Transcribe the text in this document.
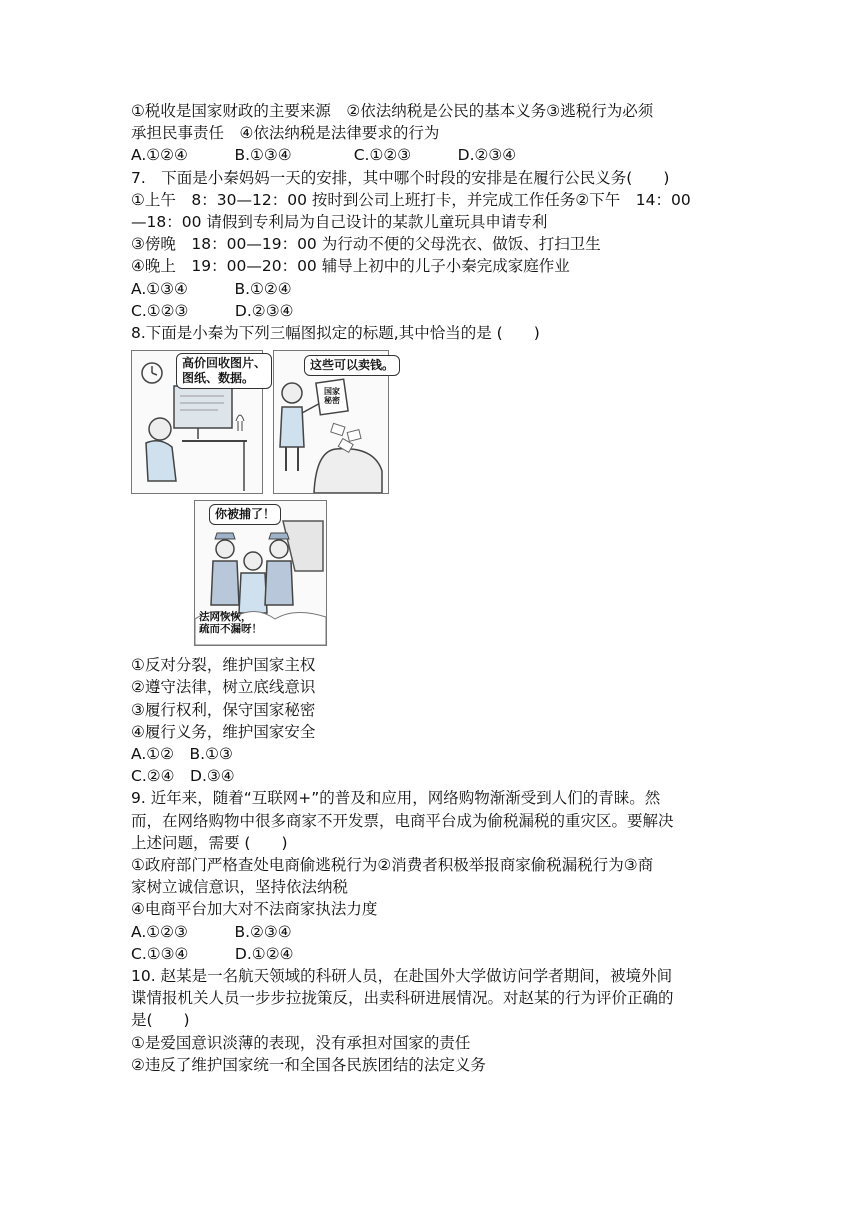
①税收是国家财政的主要来源　②依法纳税是公民的基本义务③逃税行为必须
承担民事责任　④依法纳税是法律要求的行为
A.①②④　　　B.①③④　　　　C.①②③　　　D.②③④
7.　下面是小秦妈妈一天的安排，其中哪个时段的安排是在履行公民义务(　　)
①上午　8：30—12：00 按时到公司上班打卡，并完成工作任务②下午　14：00
—18：00 请假到专利局为自己设计的某款儿童玩具申请专利
③傍晚　18：00—19：00 为行动不便的父母洗衣、做饭、打扫卫生
④晚上　19：00—20：00 辅导上初中的儿子小秦完成家庭作业
A.①③④　　　B.①②④
C.①②③　　　D.②③④
8.下面是小秦为下列三幅图拟定的标题,其中恰当的是 (　　)
高价回收图片、
图纸、数据。
这些可以卖钱。
国家
秘密
你被捕了！
法网恢恢，
疏而不漏呀！
①反对分裂，维护国家主权
②遵守法律，树立底线意识
③履行权利，保守国家秘密
④履行义务，维护国家安全
A.①②　B.①③
C.②④　D.③④
9. 近年来，随着“互联网+”的普及和应用，网络购物渐渐受到人们的青睐。然
而，在网络购物中很多商家不开发票，电商平台成为偷税漏税的重灾区。要解决
上述问题，需要 (　　)
①政府部门严格查处电商偷逃税行为②消费者积极举报商家偷税漏税行为③商
家树立诚信意识，坚持依法纳税
④电商平台加大对不法商家执法力度
A.①②③　　　B.②③④
C.①③④　　　D.①②④
10. 赵某是一名航天领域的科研人员，在赴国外大学做访问学者期间，被境外间
谍情报机关人员一步步拉拢策反，出卖科研进展情况。对赵某的行为评价正确的
是(　　)
①是爱国意识淡薄的表现，没有承担对国家的责任
②违反了维护国家统一和全国各民族团结的法定义务
